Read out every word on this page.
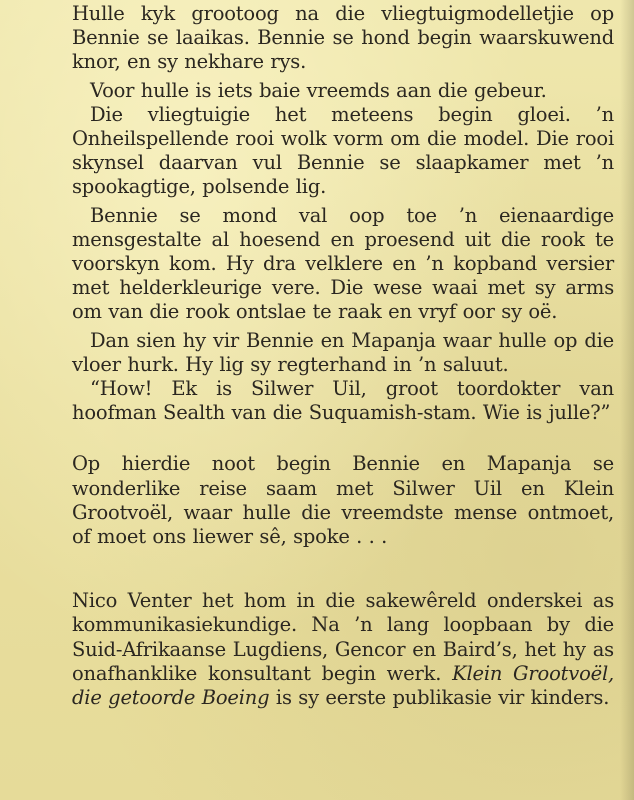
Hulle kyk grootoog na die vliegtuigmodelletjie op Bennie se laaikas. Bennie se hond begin waarskuwend knor, en sy nekhare rys.

Voor hulle is iets baie vreemds aan die gebeur.

Die vliegtuigie het meteens begin gloei. ’n Onheilspellende rooi wolk vorm om die model. Die rooi skynsel daarvan vul Bennie se slaapkamer met ’n spookagtige, polsende lig.

Bennie se mond val oop toe ’n eienaardige mensgestalte al hoesend en proesend uit die rook te voorskyn kom. Hy dra velklere en ’n kopband versier met helderkleurige vere. Die wese waai met sy arms om van die rook ontslae te raak en vryf oor sy oë.

Dan sien hy vir Bennie en Mapanja waar hulle op die vloer hurk. Hy lig sy regterhand in ’n saluut.

“How! Ek is Silwer Uil, groot toordokter van hoofman Sealth van die Suquamish-stam. Wie is julle?”

Op hierdie noot begin Bennie en Mapanja se wonderlike reise saam met Silwer Uil en Klein Grootvoël, waar hulle die vreemdste mense ontmoet, of moet ons liewer sê, spoke . . .

Nico Venter het hom in die sakewêreld onderskei as kommunikasiekundige. Na ’n lang loopbaan by die Suid-Afrikaanse Lugdiens, Gencor en Baird’s, het hy as onafhanklike konsultant begin werk. Klein Grootvoël, die getoorde Boeing is sy eerste publikasie vir kinders.
